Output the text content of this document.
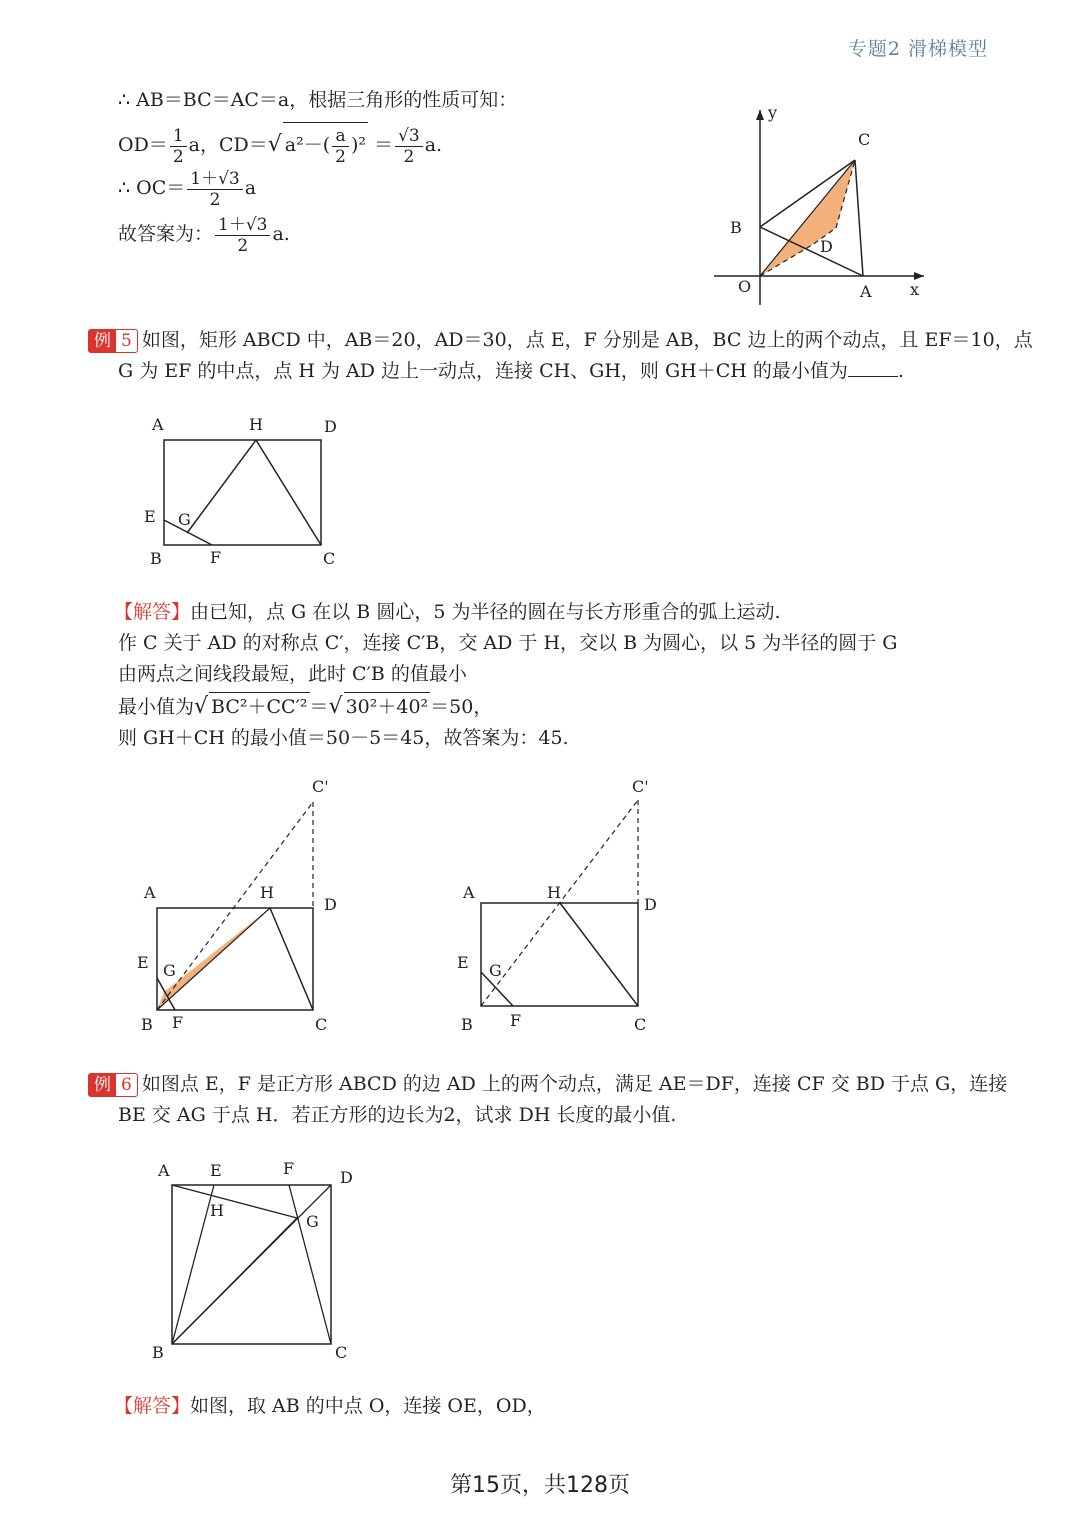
专题2 滑梯模型
∴ AB＝BC＝AC＝a，根据三角形的性质可知：
$OD= \frac{1}{2}$ a，CD＝√ $a^2-( \frac{a}{2} )^2 = \frac{√3}{2} a$.
∴ $OC= \frac{1+√3}{2}$ a
故答案为： $\frac{1+√3}{2} a$.
y
C
B
D
O	A x
例 5 如图，矩形 ABCD 中，AB＝20，AD＝30，点 E，F 分别是 AB，BC 边上的两个动点，且 EF＝10，点
G 为 EF 的中点，点 H 为 AD 边上一动点，连接 CH、GH，则 GH＋CH 的最小值为	.
A	H	D
E G
B	F	C
【解答】由已知，点 G 在以 B 圆心，5 为半径的圆在与长方形重合的弧上运动.
作 C 关于 AD 的对称点 C′，连接 C′B，交 AD 于 H，交以 B 为圆心，以 5 为半径的圆于 G
由两点之间线段最短，此时 C′B 的值最小
最小值为√ BC²＋CC′² ＝√ 30²＋40² ＝50，
则 GH＋CH 的最小值＝50－5＝45，故答案为：45.
C'
A	H
D
E G
B F	C
C'
A	H
D
E G
B F	C
例 6 如图点 E，F 是正方形 ABCD 的边 AD 上的两个动点，满足 AE＝DF，连接 CF 交 BD 于点 G，连接
BE 交 AG 于点 H．若正方形的边长为2，试求 DH 长度的最小值.
A	E	F	D
H
G
B	C
【解答】如图，取 AB 的中点 O，连接 OE，OD，
第15页，共128页
